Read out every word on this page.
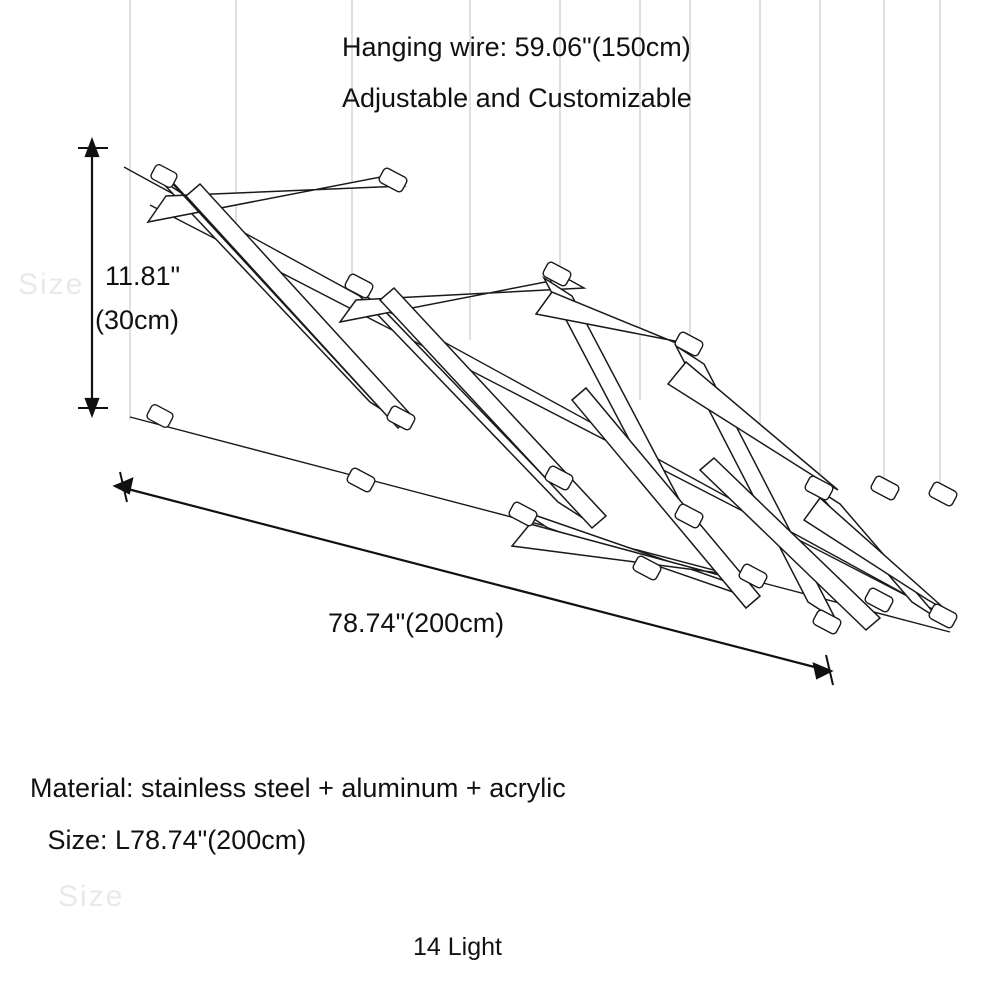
Size
Size
Hanging wire: 59.06"(150cm)
Adjustable and Customizable
11.81"
(30cm)
78.74"(200cm)
Material: stainless steel + aluminum + acrylic
Size: L78.74"(200cm)
14 Light
